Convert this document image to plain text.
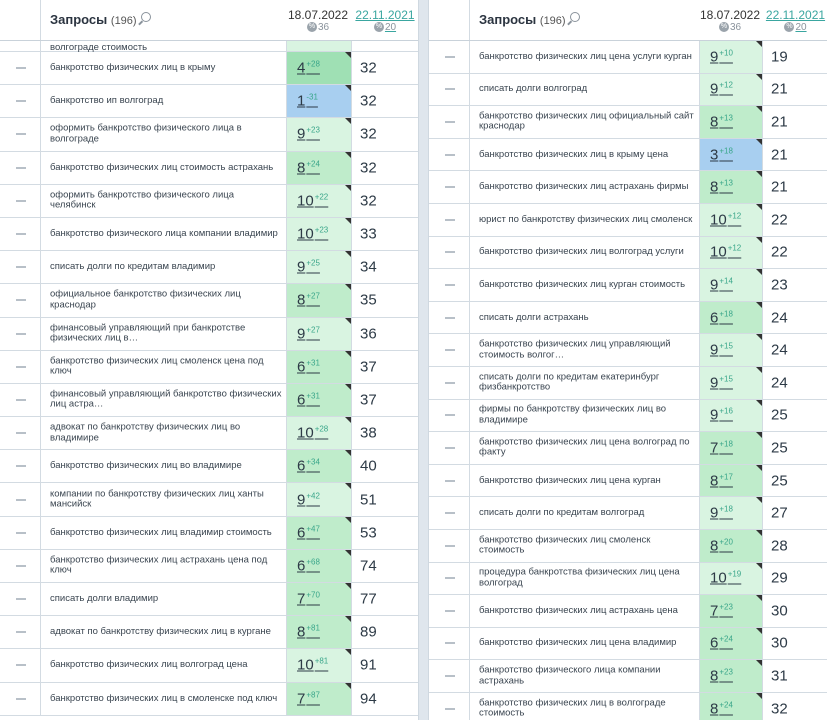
Запросы (196)	18.07.2022
% 36
22.11.2021
% 20
волгограде стоимость
банкротство физических лиц в крыму	$4^{+28}$	32
банкротство ип волгоград	$1^{-31}$	32
оформить банкротство физического лица в волгограде	$9^{+23}$	32
банкротство физических лиц стоимость астрахань	$8^{+24}$	32
оформить банкротство физического лица челябинск	$10^{+22}$ 32
банкротство физического лица компании владимир $10^{+23}$ 33
списать долги по кредитам владимир	$9^{+25}$	34
официальное банкротство физических лиц краснодар	$8^{+27}$	35
финансовый управляющий при банкротстве физических лиц в…	$9^{+27}$	36
банкротство физических лиц смоленск цена под ключ	$6^{+31}$	37
финансовый управляющий банкротство физических лиц астра…	$6^{+31}$	37
адвокат по банкротству физических лиц во владимире	$10^{+28}$ 38
банкротство физических лиц во владимире	$6^{+34}$	40
компании по банкротству физических лиц ханты мансийск	$9^{+42}$	51
банкротство физических лиц владимир стоимость	$6^{+47}$	53
банкротство физических лиц астрахань цена под ключ	$6^{+68}$	74
списать долги владимир	$7^{+70}$	77
адвокат по банкротству физических лиц в кургане	$8^{+81}$	89
банкротство физических лиц волгоград цена	$10^{+81}$ 91
банкротство физических лиц в смоленске под ключ	$7^{+87}$	94
Запросы (196)	18.07.2022
% 36
22.11.2021
% 20
банкротство физических лиц цена услуги курган $9^{+10}$	19
списать долги волгоград	$9^{+12}$	21
банкротство физических лиц официальный сайт краснодар	$8^{+13}$	21
банкротство физических лиц в крыму цена	$3^{+18}$	21
банкротство физических лиц астрахань фирмы	$8^{+13}$	21
юрист по банкротству физических лиц смоленск $10^{+12}$ 22
банкротство физических лиц волгоград услуги	$10^{+12}$ 22
банкротство физических лиц курган стоимость	$9^{+14}$	23
списать долги астрахань	$6^{+18}$	24
банкротство физических лиц управляющий стоимость волгог…	$9^{+15}$	24
списать долги по кредитам екатеринбург физбанкротство	$9^{+15}$	24
фирмы по банкротству физических лиц во владимире	$9^{+16}$	25
банкротство физических лиц цена волгоград по факту	$7^{+18}$	25
банкротство физических лиц цена курган	$8^{+17}$	25
списать долги по кредитам волгоград	$9^{+18}$	27
банкротство физических лиц смоленск стоимость	$8^{+20}$	28
процедура банкротства физических лиц цена волгоград	$10^{+19}$ 29
банкротство физических лиц астрахань цена	$7^{+23}$	30
банкротство физических лиц цена владимир	$6^{+24}$	30
банкротство физического лица компании астрахань	$8^{+23}$	31
банкротство физических лиц в волгограде стоимость	$8^{+24}$	32
